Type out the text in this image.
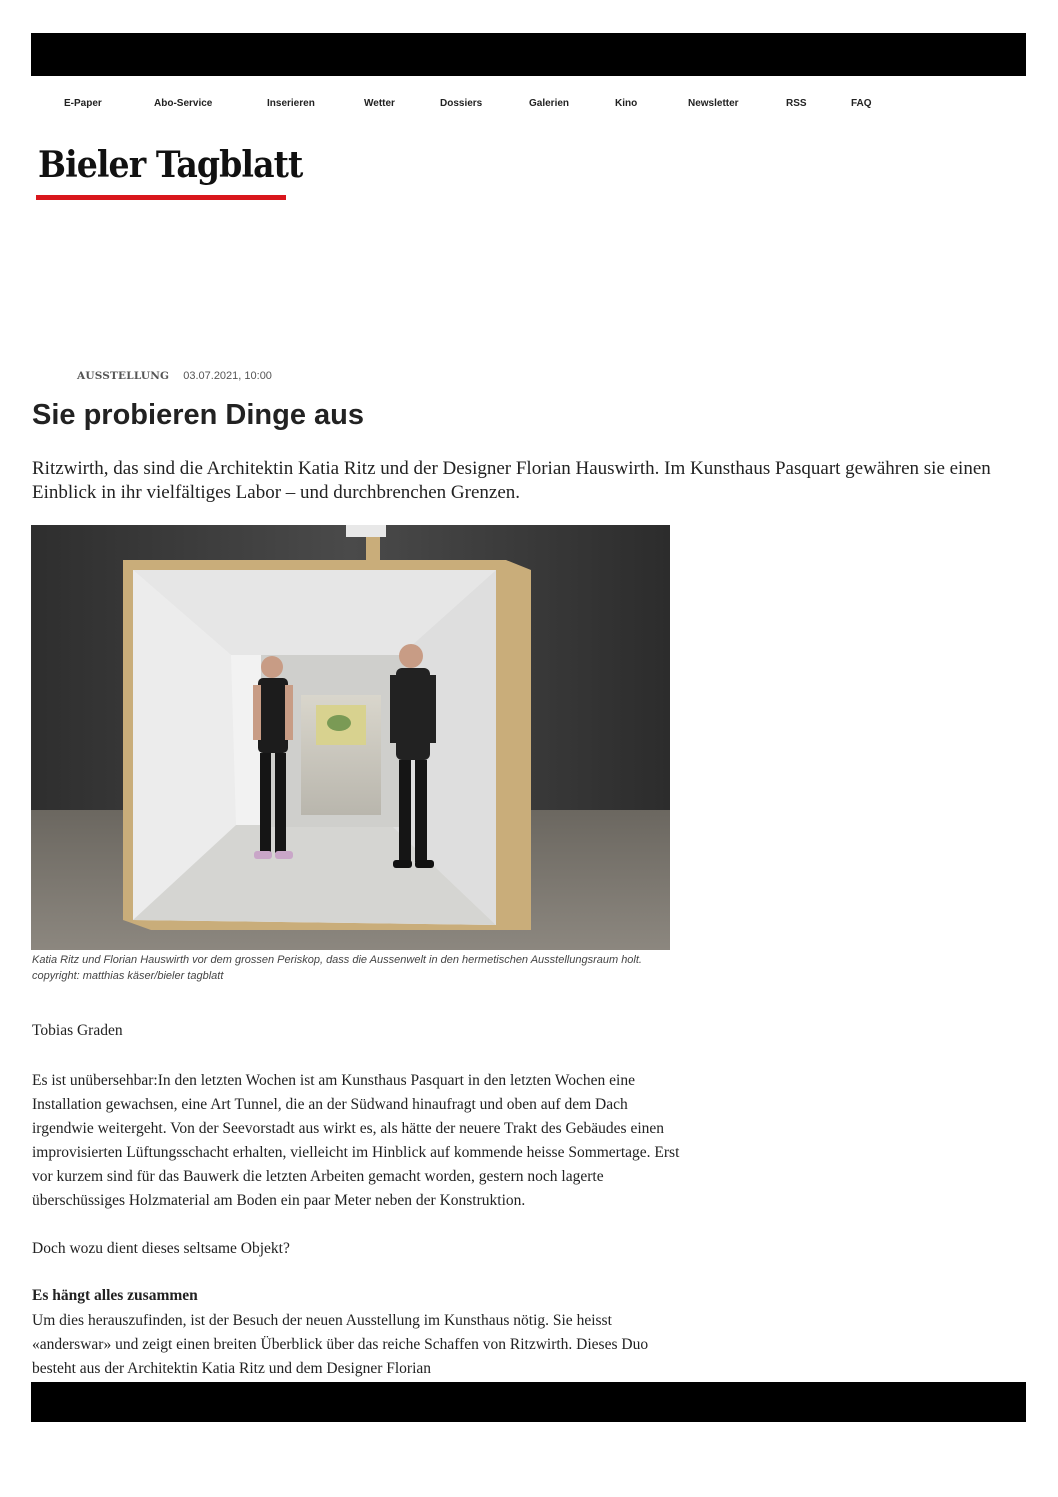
E-Paper	Abo-Service	Inserieren	Wetter	Dossiers	Galerien	Kino	Newsletter	RSS	FAQ
Bieler Tagblatt
AUSSTELLUNG 03.07.2021, 10:00
Sie probieren Dinge aus

Ritzwirth, das sind die Architektin Katia Ritz und der Designer Florian Hauswirth. Im Kunsthaus Pasquart gewähren sie einen Einblick in ihr vielfältiges Labor – und durchbrenchen Grenzen.

Katia Ritz und Florian Hauswirth vor dem grossen Periskop, dass die Aussenwelt in den hermetischen Ausstellungsraum holt. copyright: matthias käser/bieler tagblatt

Tobias Graden

Es ist unübersehbar:In den letzten Wochen ist am Kunsthaus Pasquart in den letzten Wochen eine Installation gewachsen, eine Art Tunnel, die an der Südwand hinaufragt und oben auf dem Dach irgendwie weitergeht. Von der Seevorstadt aus wirkt es, als hätte der neuere Trakt des Gebäudes einen improvisierten Lüftungsschacht erhalten, vielleicht im Hinblick auf kommende heisse Sommertage. Erst vor kurzem sind für das Bauwerk die letzten Arbeiten gemacht worden, gestern noch lagerte überschüssiges Holzmaterial am Boden ein paar Meter neben der Konstruktion.

Doch wozu dient dieses seltsame Objekt?

Es hängt alles zusammen

Um dies herauszufinden, ist der Besuch der neuen Ausstellung im Kunsthaus nötig. Sie heisst «anderswar» und zeigt einen breiten Überblick über das reiche Schaffen von Ritzwirth. Dieses Duo besteht aus der Architektin Katia Ritz und dem Designer Florian
